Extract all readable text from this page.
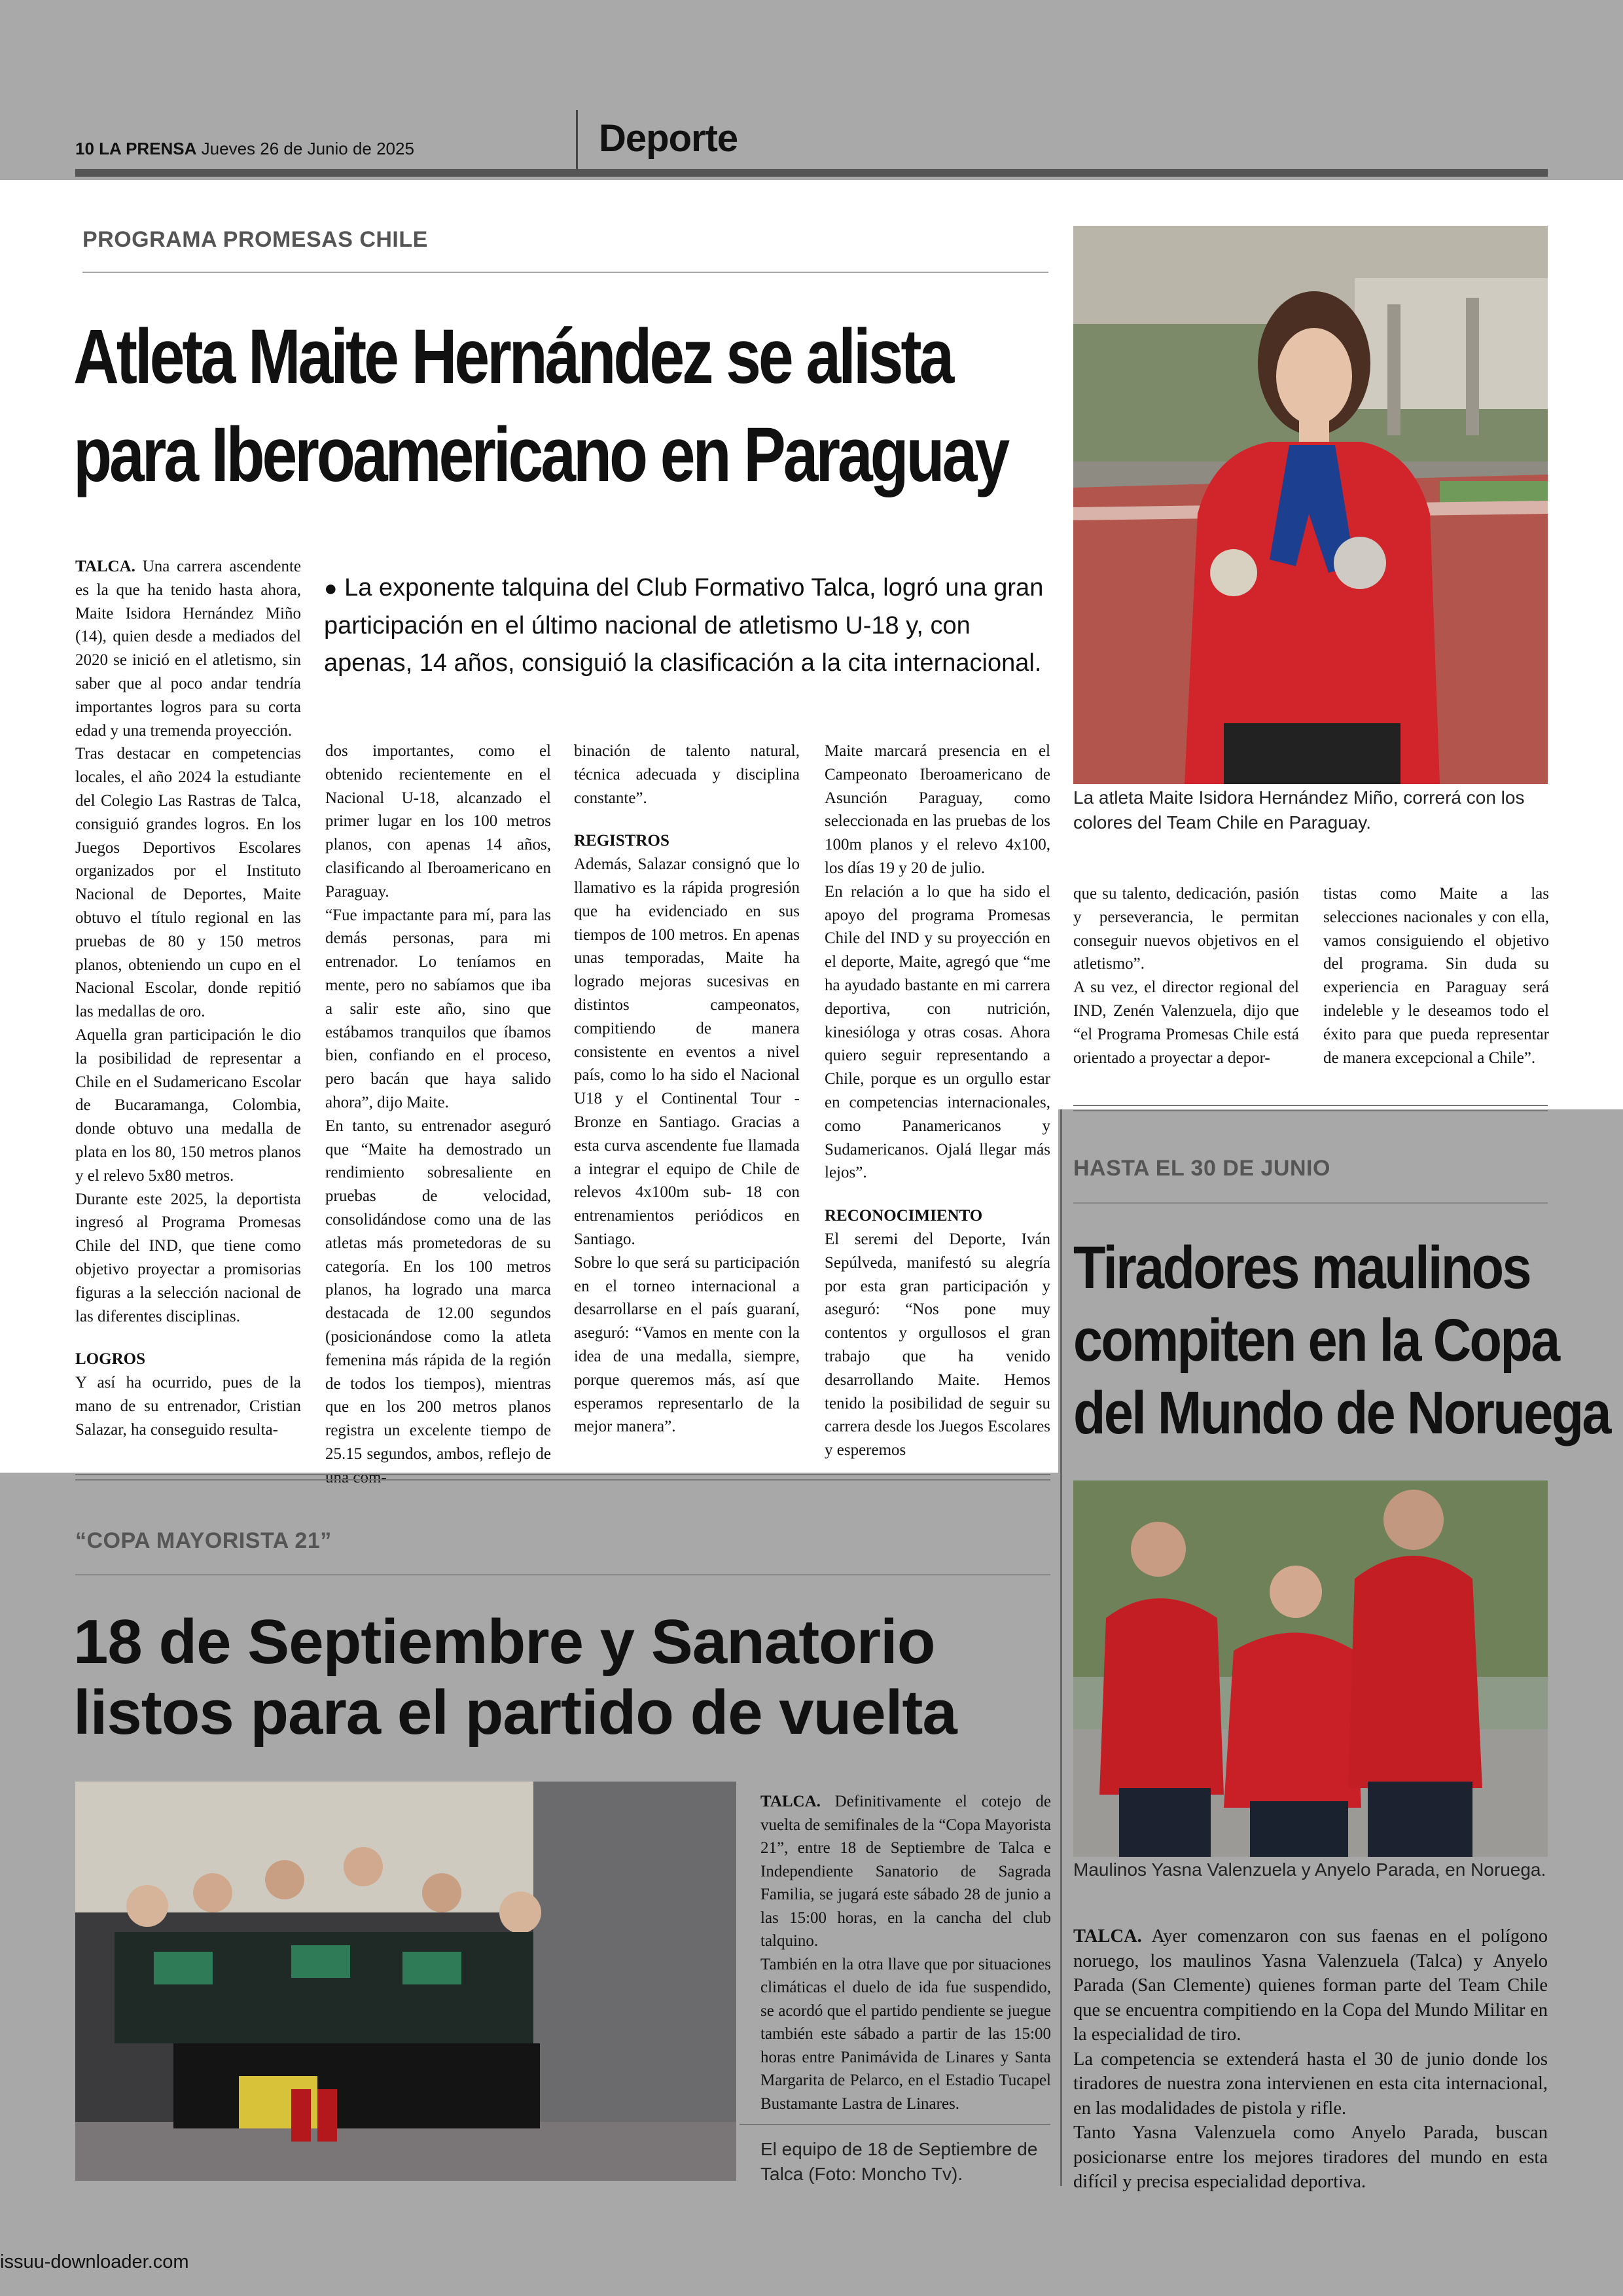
10 LA PRENSA Jueves 26 de Junio de 2025	Deporte
PROGRAMA PROMESAS CHILE
Atleta Maite Hernández se alista
para Iberoamericano en Paraguay
● La exponente talquina del Club Formativo Talca, logró una gran participación en el último nacional de atletismo U-18 y, con apenas, 14 años, consiguió la clasificación a la cita internacional.

TALCA. Una carrera ascendente es la que ha tenido hasta ahora, Maite Isidora Hernández Miño (14), quien desde a mediados del 2020 se inició en el atletismo, sin saber que al poco andar tendría importantes logros para su corta edad y una tremenda proyección.

Tras destacar en competencias locales, el año 2024 la estudiante del Colegio Las Rastras de Talca, consiguió grandes logros. En los Juegos Deportivos Escolares organizados por el Instituto Nacional de Deportes, Maite obtuvo el título regional en las pruebas de 80 y 150 metros planos, obteniendo un cupo en el Nacional Escolar, donde repitió las medallas de oro.

Aquella gran participación le dio la posibilidad de representar a Chile en el Sudamericano Escolar de Bucaramanga, Colombia, donde obtuvo una medalla de plata en los 80, 150 metros planos y el relevo 5x80 metros.

Durante este 2025, la deportista ingresó al Programa Promesas Chile del IND, que tiene como objetivo proyectar a promisorias figuras a la selección nacional de las diferentes disciplinas.

LOGROS

Y así ha ocurrido, pues de la mano de su entrenador, Cristian Salazar, ha conseguido resulta-

dos importantes, como el obtenido recientemente en el Nacional U-18, alcanzado el primer lugar en los 100 metros planos, con apenas 14 años, clasificando al Iberoamericano en Paraguay.

“Fue impactante para mí, para las demás personas, para mi entrenador. Lo teníamos en mente, pero no sabíamos que iba a salir este año, sino que estábamos tranquilos que íbamos bien, confiando en el proceso, pero bacán que haya salido ahora”, dijo Maite.

En tanto, su entrenador aseguró que “Maite ha demostrado un rendimiento sobresaliente en pruebas de velocidad, consolidándose como una de las atletas más prometedoras de su categoría. En los 100 metros planos, ha logrado una marca destacada de 12.00 segundos (posicionándose como la atleta femenina más rápida de la región de todos los tiempos), mientras que en los 200 metros planos registra un excelente tiempo de 25.15 segundos, ambos, reflejo de una com-

binación de talento natural, técnica adecuada y disciplina constante”.

REGISTROS

Además, Salazar consignó que lo llamativo es la rápida progresión que ha evidenciado en sus tiempos de 100 metros. En apenas unas temporadas, Maite ha logrado mejoras sucesivas en distintos campeonatos, compitiendo de manera consistente en eventos a nivel país, como lo ha sido el Nacional U18 y el Continental Tour - Bronze en Santiago. Gracias a esta curva ascendente fue llamada a integrar el equipo de Chile de relevos 4x100m sub- 18 con entrenamientos periódicos en Santiago.

Sobre lo que será su participación en el torneo internacional a desarrollarse en el país guaraní, aseguró: “Vamos en mente con la idea de una medalla, siempre, porque queremos más, así que esperamos representarlo de la mejor manera”.

Maite marcará presencia en el Campeonato Iberoamericano de Asunción Paraguay, como seleccionada en las pruebas de los 100m planos y el relevo 4x100, los días 19 y 20 de julio.

En relación a lo que ha sido el apoyo del programa Promesas Chile del IND y su proyección en el deporte, Maite, agregó que “me ha ayudado bastante en mi carrera deportiva, con nutrición, kinesióloga y otras cosas. Ahora quiero seguir representando a Chile, porque es un orgullo estar en competencias internacionales, como Panamericanos y Sudamericanos. Ojalá llegar más lejos”.

RECONOCIMIENTO

El seremi del Deporte, Iván Sepúlveda, manifestó su alegría por esta gran participación y aseguró: “Nos pone muy contentos y orgullosos el gran trabajo que ha venido desarrollando Maite. Hemos tenido la posibilidad de seguir su carrera desde los Juegos Escolares y esperemos

que su talento, dedicación, pasión y perseverancia, le permitan conseguir nuevos objetivos en el atletismo”.

A su vez, el director regional del IND, Zenén Valenzuela, dijo que “el Programa Promesas Chile está orientado a proyectar a depor-

tistas como Maite a las selecciones nacionales y con ella, vamos consiguiendo el objetivo del programa. Sin duda su experiencia en Paraguay será indeleble y le deseamos todo el éxito para que pueda representar de manera excepcional a Chile”.

La atleta Maite Isidora Hernández Miño, correrá con los colores del Team Chile en Paraguay.
“COPA MAYORISTA 21”
18 de Septiembre y Sanatorio
listos para el partido de vuelta

TALCA. Definitivamente el cotejo de vuelta de semifinales de la “Copa Mayorista 21”, entre 18 de Septiembre de Talca e Independiente Sanatorio de Sagrada Familia, se jugará este sábado 28 de junio a las 15:00 horas, en la cancha del club talquino.

También en la otra llave que por situaciones climáticas el duelo de ida fue suspendido, se acordó que el partido pendiente se juegue también este sábado a partir de las 15:00 horas entre Panimávida de Linares y Santa Margarita de Pelarco, en el Estadio Tucapel Bustamante Lastra de Linares.

El equipo de 18 de Septiembre de Talca (Foto: Moncho Tv).
HASTA EL 30 DE JUNIO
Tiradores maulinos
compiten en la Copa
del Mundo de Noruega
Maulinos Yasna Valenzuela y Anyelo Parada, en Noruega.

TALCA. Ayer comenzaron con sus faenas en el polígono noruego, los maulinos Yasna Valenzuela (Talca) y Anyelo Parada (San Clemente) quienes forman parte del Team Chile que se encuentra compitiendo en la Copa del Mundo Militar en la especialidad de tiro.

La competencia se extenderá hasta el 30 de junio donde los tiradores de nuestra zona intervienen en esta cita internacional, en las modalidades de pistola y rifle.

Tanto Yasna Valenzuela como Anyelo Parada, buscan posicionarse entre los mejores tiradores del mundo en esta difícil y precisa especialidad deportiva.

issuu-downloader.com
